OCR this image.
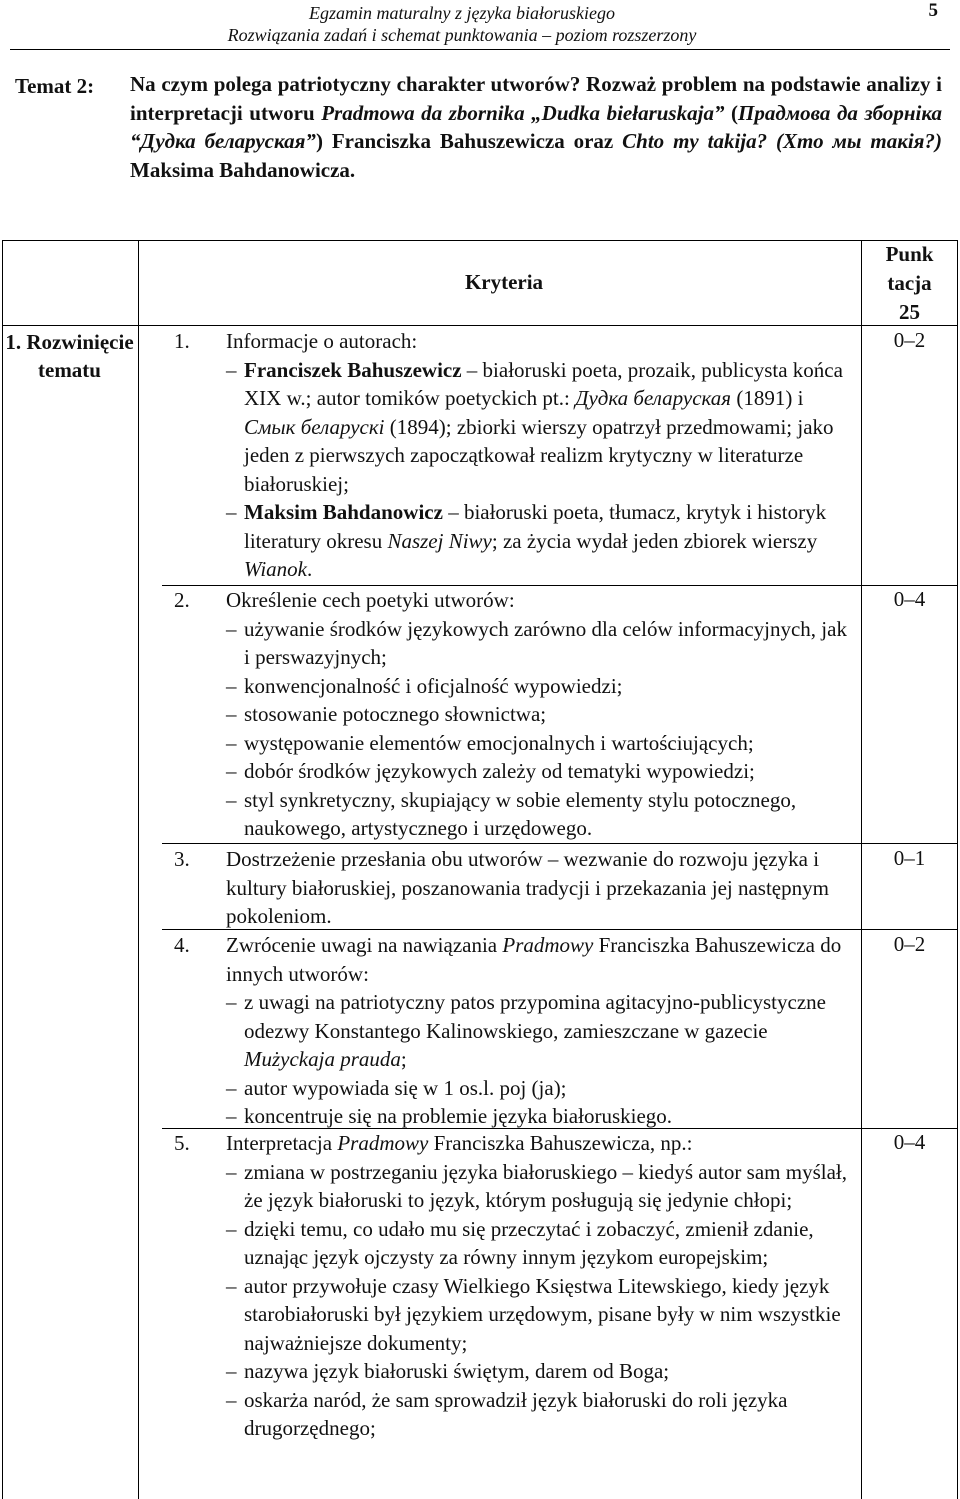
Egzamin maturalny z języka białoruskiego
Rozwiązania zadań i schemat punktowania – poziom rozszerzony
5
Temat 2: Na czym polega patriotyczny charakter utworów? Rozważ problem na podstawie analizy i interpretacji utworu Pradmowa da zbornika „Dudka biełaruskaja” (Прадмова да зборніка “Дудка беларуская”) Franciszka Bahuszewicza oraz Chto my takija? (Хто мы такія?) Maksima Bahdanowicza.
1. Rozwinięcie tematu
Kryteria
Punk
tacja
25
1. Informacje o autorach:
– Franciszek Bahuszewicz – białoruski poeta, prozaik, publicysta końca XIX w.; autor tomików poetyckich pt.: Дудка беларуская (1891) i Смык беларускі (1894); zbiorki wierszy opatrzył przedmowami; jako jeden z pierwszych zapoczątkował realizm krytyczny w literaturze białoruskiej;
– Maksim Bahdanowicz – białoruski poeta, tłumacz, krytyk i historyk literatury okresu Naszej Niwy; za życia wydał jeden zbiorek wierszy Wianok.
0–2
2. Określenie cech poetyki utworów:
– używanie środków językowych zarówno dla celów informacyjnych, jak i perswazyjnych;
– konwencjonalność i oficjalność wypowiedzi;
– stosowanie potocznego słownictwa;
– występowanie elementów emocjonalnych i wartościujących;
– dobór środków językowych zależy od tematyki wypowiedzi;
– styl synkretyczny, skupiający w sobie elementy stylu potocznego, naukowego, artystycznego i urzędowego.
0–4
3. Dostrzeżenie przesłania obu utworów – wezwanie do rozwoju języka i kultury białoruskiej, poszanowania tradycji i przekazania jej następnym pokoleniom.
0–1
4. Zwrócenie uwagi na nawiązania Pradmowy Franciszka Bahuszewicza do innych utworów:
– z uwagi na patriotyczny patos przypomina agitacyjno-publicystyczne odezwy Konstantego Kalinowskiego, zamieszczane w gazecie Mużyckaja prauda;
– autor wypowiada się w 1 os.l. poj (ja);
– koncentruje się na problemie języka białoruskiego.
0–2
5. Interpretacja Pradmowy Franciszka Bahuszewicza, np.:
– zmiana w postrzeganiu języka białoruskiego – kiedyś autor sam myślał, że język białoruski to język, którym posługują się jedynie chłopi;
– dzięki temu, co udało mu się przeczytać i zobaczyć, zmienił zdanie, uznając język ojczysty za równy innym językom europejskim;
– autor przywołuje czasy Wielkiego Księstwa Litewskiego, kiedy język starobiałoruski był językiem urzędowym, pisane były w nim wszystkie najważniejsze dokumenty;
– nazywa język białoruski świętym, darem od Boga;
– oskarża naród, że sam sprowadził język białoruski do roli języka drugorzędnego;
0–4
